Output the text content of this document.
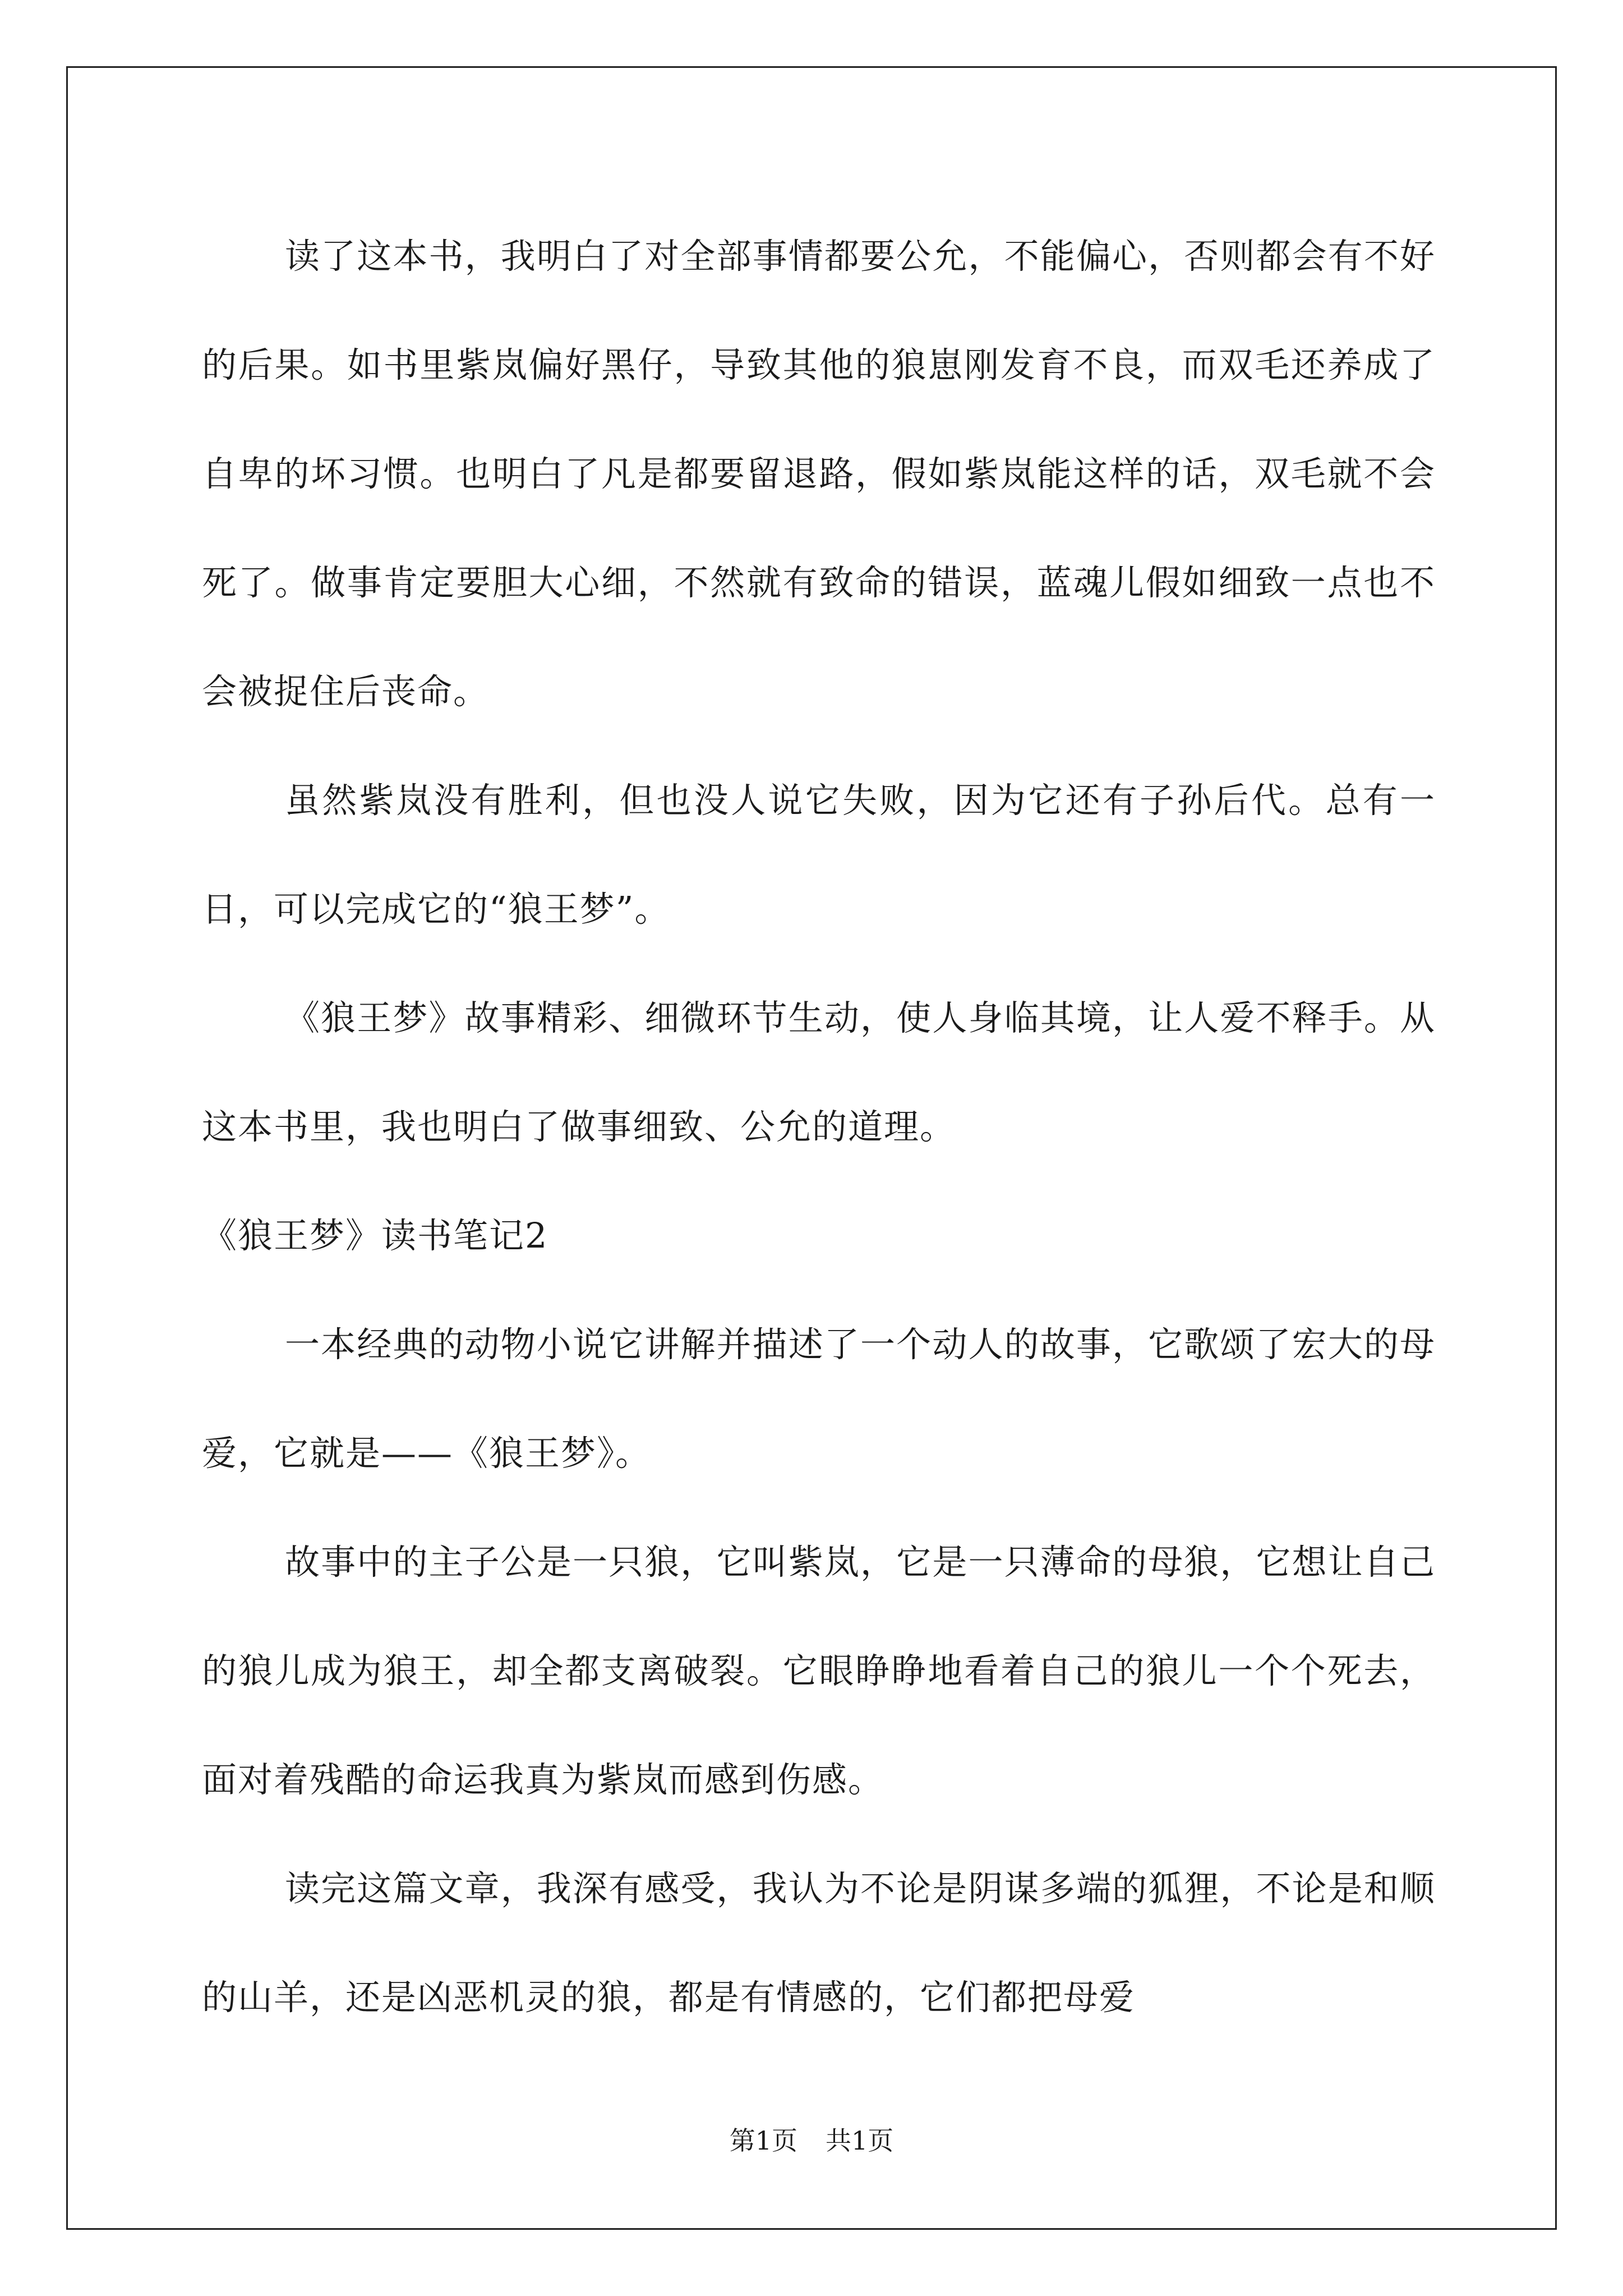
读了这本书，我明白了对全部事情都要公允，不能偏心，否则都会有不好的后果。如书里紫岚偏好黑仔，导致其他的狼崽刚发育不良，而双毛还养成了自卑的坏习惯。也明白了凡是都要留退路，假如紫岚能这样的话，双毛就不会死了。做事肯定要胆大心细，不然就有致命的错误，蓝魂儿假如细致一点也不会被捉住后丧命。

虽然紫岚没有胜利，但也没人说它失败，因为它还有子孙后代。总有一日，可以完成它的“狼王梦”。

《狼王梦》故事精彩、细微环节生动，使人身临其境，让人爱不释手。从这本书里，我也明白了做事细致、公允的道理。

《狼王梦》读书笔记2

一本经典的动物小说它讲解并描述了一个动人的故事，它歌颂了宏大的母爱，它就是——《狼王梦》。

故事中的主子公是一只狼，它叫紫岚，它是一只薄命的母狼，它想让自己的狼儿成为狼王，却全都支离破裂。它眼睁睁地看着自己的狼儿一个个死去，面对着残酷的命运我真为紫岚而感到伤感。

读完这篇文章，我深有感受，我认为不论是阴谋多端的狐狸，不论是和顺的山羊，还是凶恶机灵的狼，都是有情感的，它们都把母爱

第1页 共1页
